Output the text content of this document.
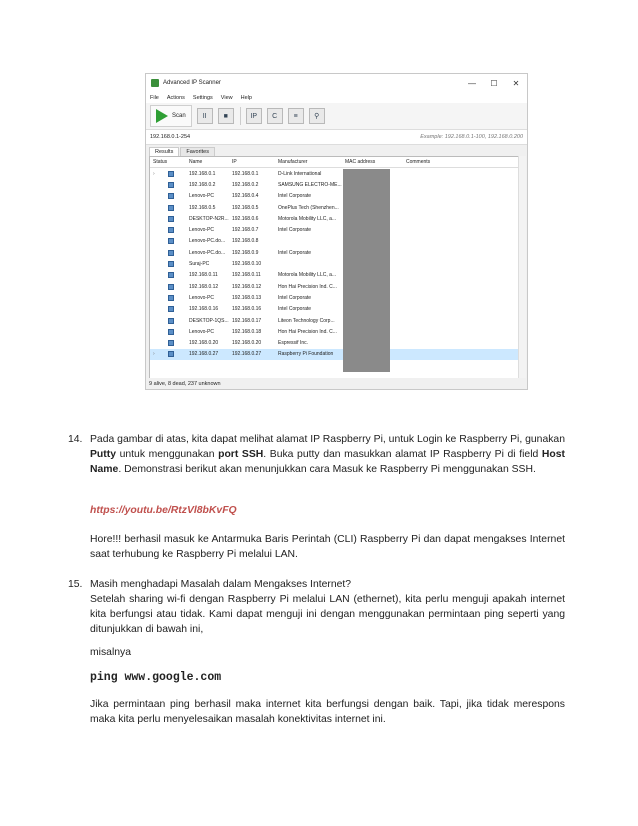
Advanced IP Scanner	—	☐	✕
File Actions Settings View Help
Scan	II	■	IP	C	≡	⚲
192.168.0.1-254	Example: 192.168.0.1-100, 192.168.0.200
Results	Favorites
Status	Name	IP	Manufacturer	MAC address	Comments
›	192.168.0.1	192.168.0.1	D-Link International
192.168.0.2	192.168.0.2	SAMSUNG ELECTRO-ME...
Lenovo-PC	192.168.0.4	Intel Corporate
192.168.0.5	192.168.0.5	OnePlus Tech (Shenzhen...
DESKTOP-N2R... 192.168.0.6	Motorola Mobility LLC, a...
Lenovo-PC	192.168.0.7	Intel Corporate
Lenovo-PC.do...	192.168.0.8
Lenovo-PC.do...	192.168.0.9	Intel Corporate
Suraj-PC	192.168.0.10
192.168.0.11	192.168.0.11	Motorola Mobility LLC, a...
192.168.0.12	192.168.0.12	Hon Hai Precision Ind. C...
Lenovo-PC	192.168.0.13	Intel Corporate
192.168.0.16	192.168.0.16	Intel Corporate
DESKTOP-1QS... 192.168.0.17	Liteon Technology Corp...
Lenovo-PC	192.168.0.18	Hon Hai Precision Ind. C...
192.168.0.20	192.168.0.20	Espressif Inc.
›	192.168.0.27	192.168.0.27	Raspberry Pi Foundation
9 alive, 8 dead, 237 unknown
14. Pada gambar di atas, kita dapat melihat alamat IP Raspberry Pi, untuk Login ke Raspberry Pi, gunakan Putty untuk menggunakan port SSH. Buka putty dan masukkan alamat IP Raspberry Pi di field Host Name. Demonstrasi berikut akan menunjukkan cara Masuk ke Raspberry Pi menggunakan SSH.

https://youtu.be/RtzVl8bKvFQ

Hore!!! berhasil masuk ke Antarmuka Baris Perintah (CLI) Raspberry Pi dan dapat mengakses Internet saat terhubung ke Raspberry Pi melalui LAN.

15. Masih menghadapi Masalah dalam Mengakses Internet?

Setelah sharing wi-fi dengan Raspberry Pi melalui LAN (ethernet), kita perlu menguji apakah internet kita berfungsi atau tidak. Kami dapat menguji ini dengan menggunakan permintaan ping seperti yang ditunjukkan di bawah ini,

misalnya

ping www.google.com

Jika permintaan ping berhasil maka internet kita berfungsi dengan baik. Tapi, jika tidak merespons maka kita perlu menyelesaikan masalah konektivitas internet ini.
